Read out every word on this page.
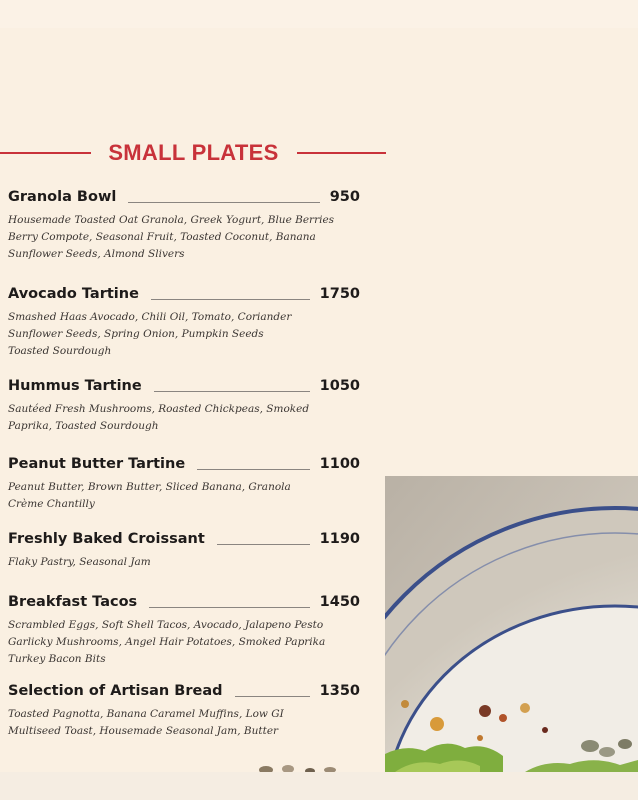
SMALL PLATES
Granola Bowl	950
Housemade Toasted Oat Granola, Greek Yogurt, Blue Berries
Berry Compote, Seasonal Fruit, Toasted Coconut, Banana
Sunflower Seeds, Almond Slivers
Avocado Tartine	1750
Smashed Haas Avocado, Chili Oil, Tomato, Coriander
Sunflower Seeds, Spring Onion, Pumpkin Seeds
Toasted Sourdough
Hummus Tartine	1050
Sautéed Fresh Mushrooms, Roasted Chickpeas, Smoked
Paprika, Toasted Sourdough
Peanut Butter Tartine	1100
Peanut Butter, Brown Butter, Sliced Banana, Granola
Crème Chantilly
Freshly Baked Croissant	1190
Flaky Pastry, Seasonal Jam
Breakfast Tacos	1450
Scrambled Eggs, Soft Shell Tacos, Avocado, Jalapeno Pesto
Garlicky Mushrooms, Angel Hair Potatoes, Smoked Paprika
Turkey Bacon Bits
Selection of Artisan Bread	1350
Toasted Pagnotta, Banana Caramel Muffins, Low GI
Multiseed Toast, Housemade Seasonal Jam, Butter
